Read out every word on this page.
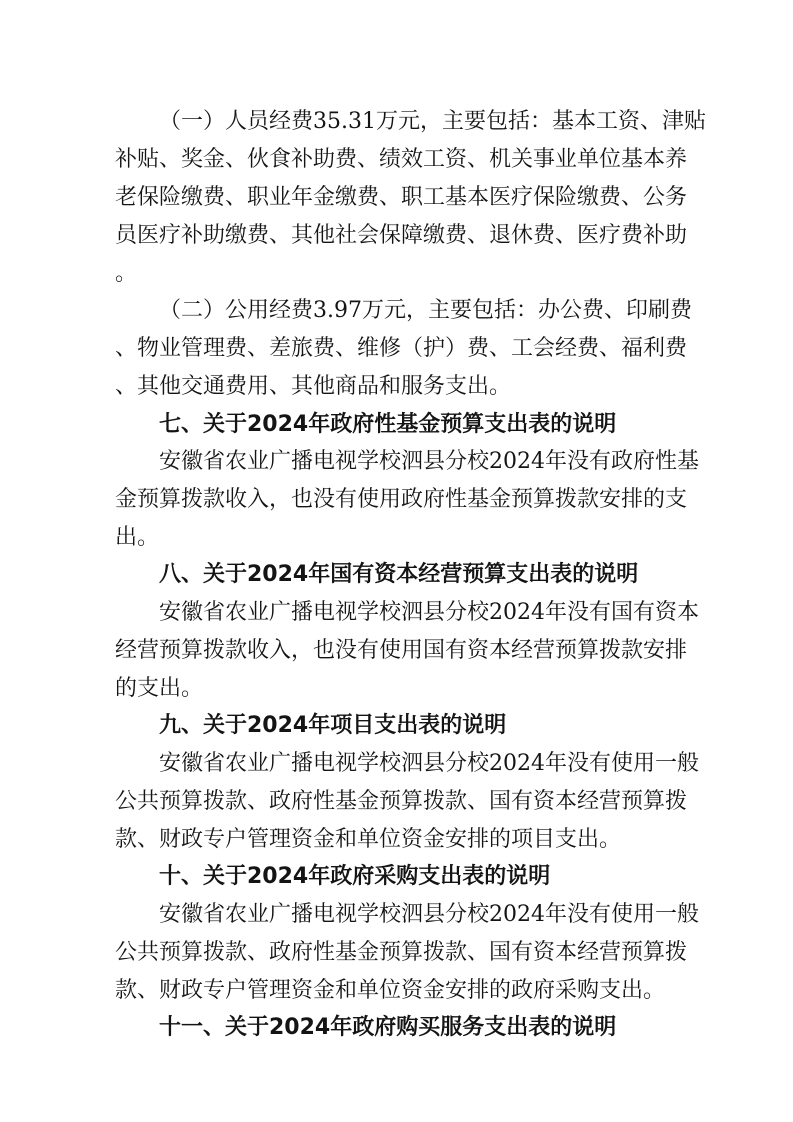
（一）人员经费35.31万元，主要包括：基本工资、津贴

补贴、奖金、伙食补助费、绩效工资、机关事业单位基本养

老保险缴费、职业年金缴费、职工基本医疗保险缴费、公务

员医疗补助缴费、其他社会保障缴费、退休费、医疗费补助

。

（二）公用经费3.97万元，主要包括：办公费、印刷费

、物业管理费、差旅费、维修（护）费、工会经费、福利费

、其他交通费用、其他商品和服务支出。

七、关于2024年政府性基金预算支出表的说明

安徽省农业广播电视学校泗县分校2024年没有政府性基

金预算拨款收入，也没有使用政府性基金预算拨款安排的支

出。

八、关于2024年国有资本经营预算支出表的说明

安徽省农业广播电视学校泗县分校2024年没有国有资本

经营预算拨款收入，也没有使用国有资本经营预算拨款安排

的支出。

九、关于2024年项目支出表的说明

安徽省农业广播电视学校泗县分校2024年没有使用一般

公共预算拨款、政府性基金预算拨款、国有资本经营预算拨

款、财政专户管理资金和单位资金安排的项目支出。

十、关于2024年政府采购支出表的说明

安徽省农业广播电视学校泗县分校2024年没有使用一般

公共预算拨款、政府性基金预算拨款、国有资本经营预算拨

款、财政专户管理资金和单位资金安排的政府采购支出。

十一、关于2024年政府购买服务支出表的说明
